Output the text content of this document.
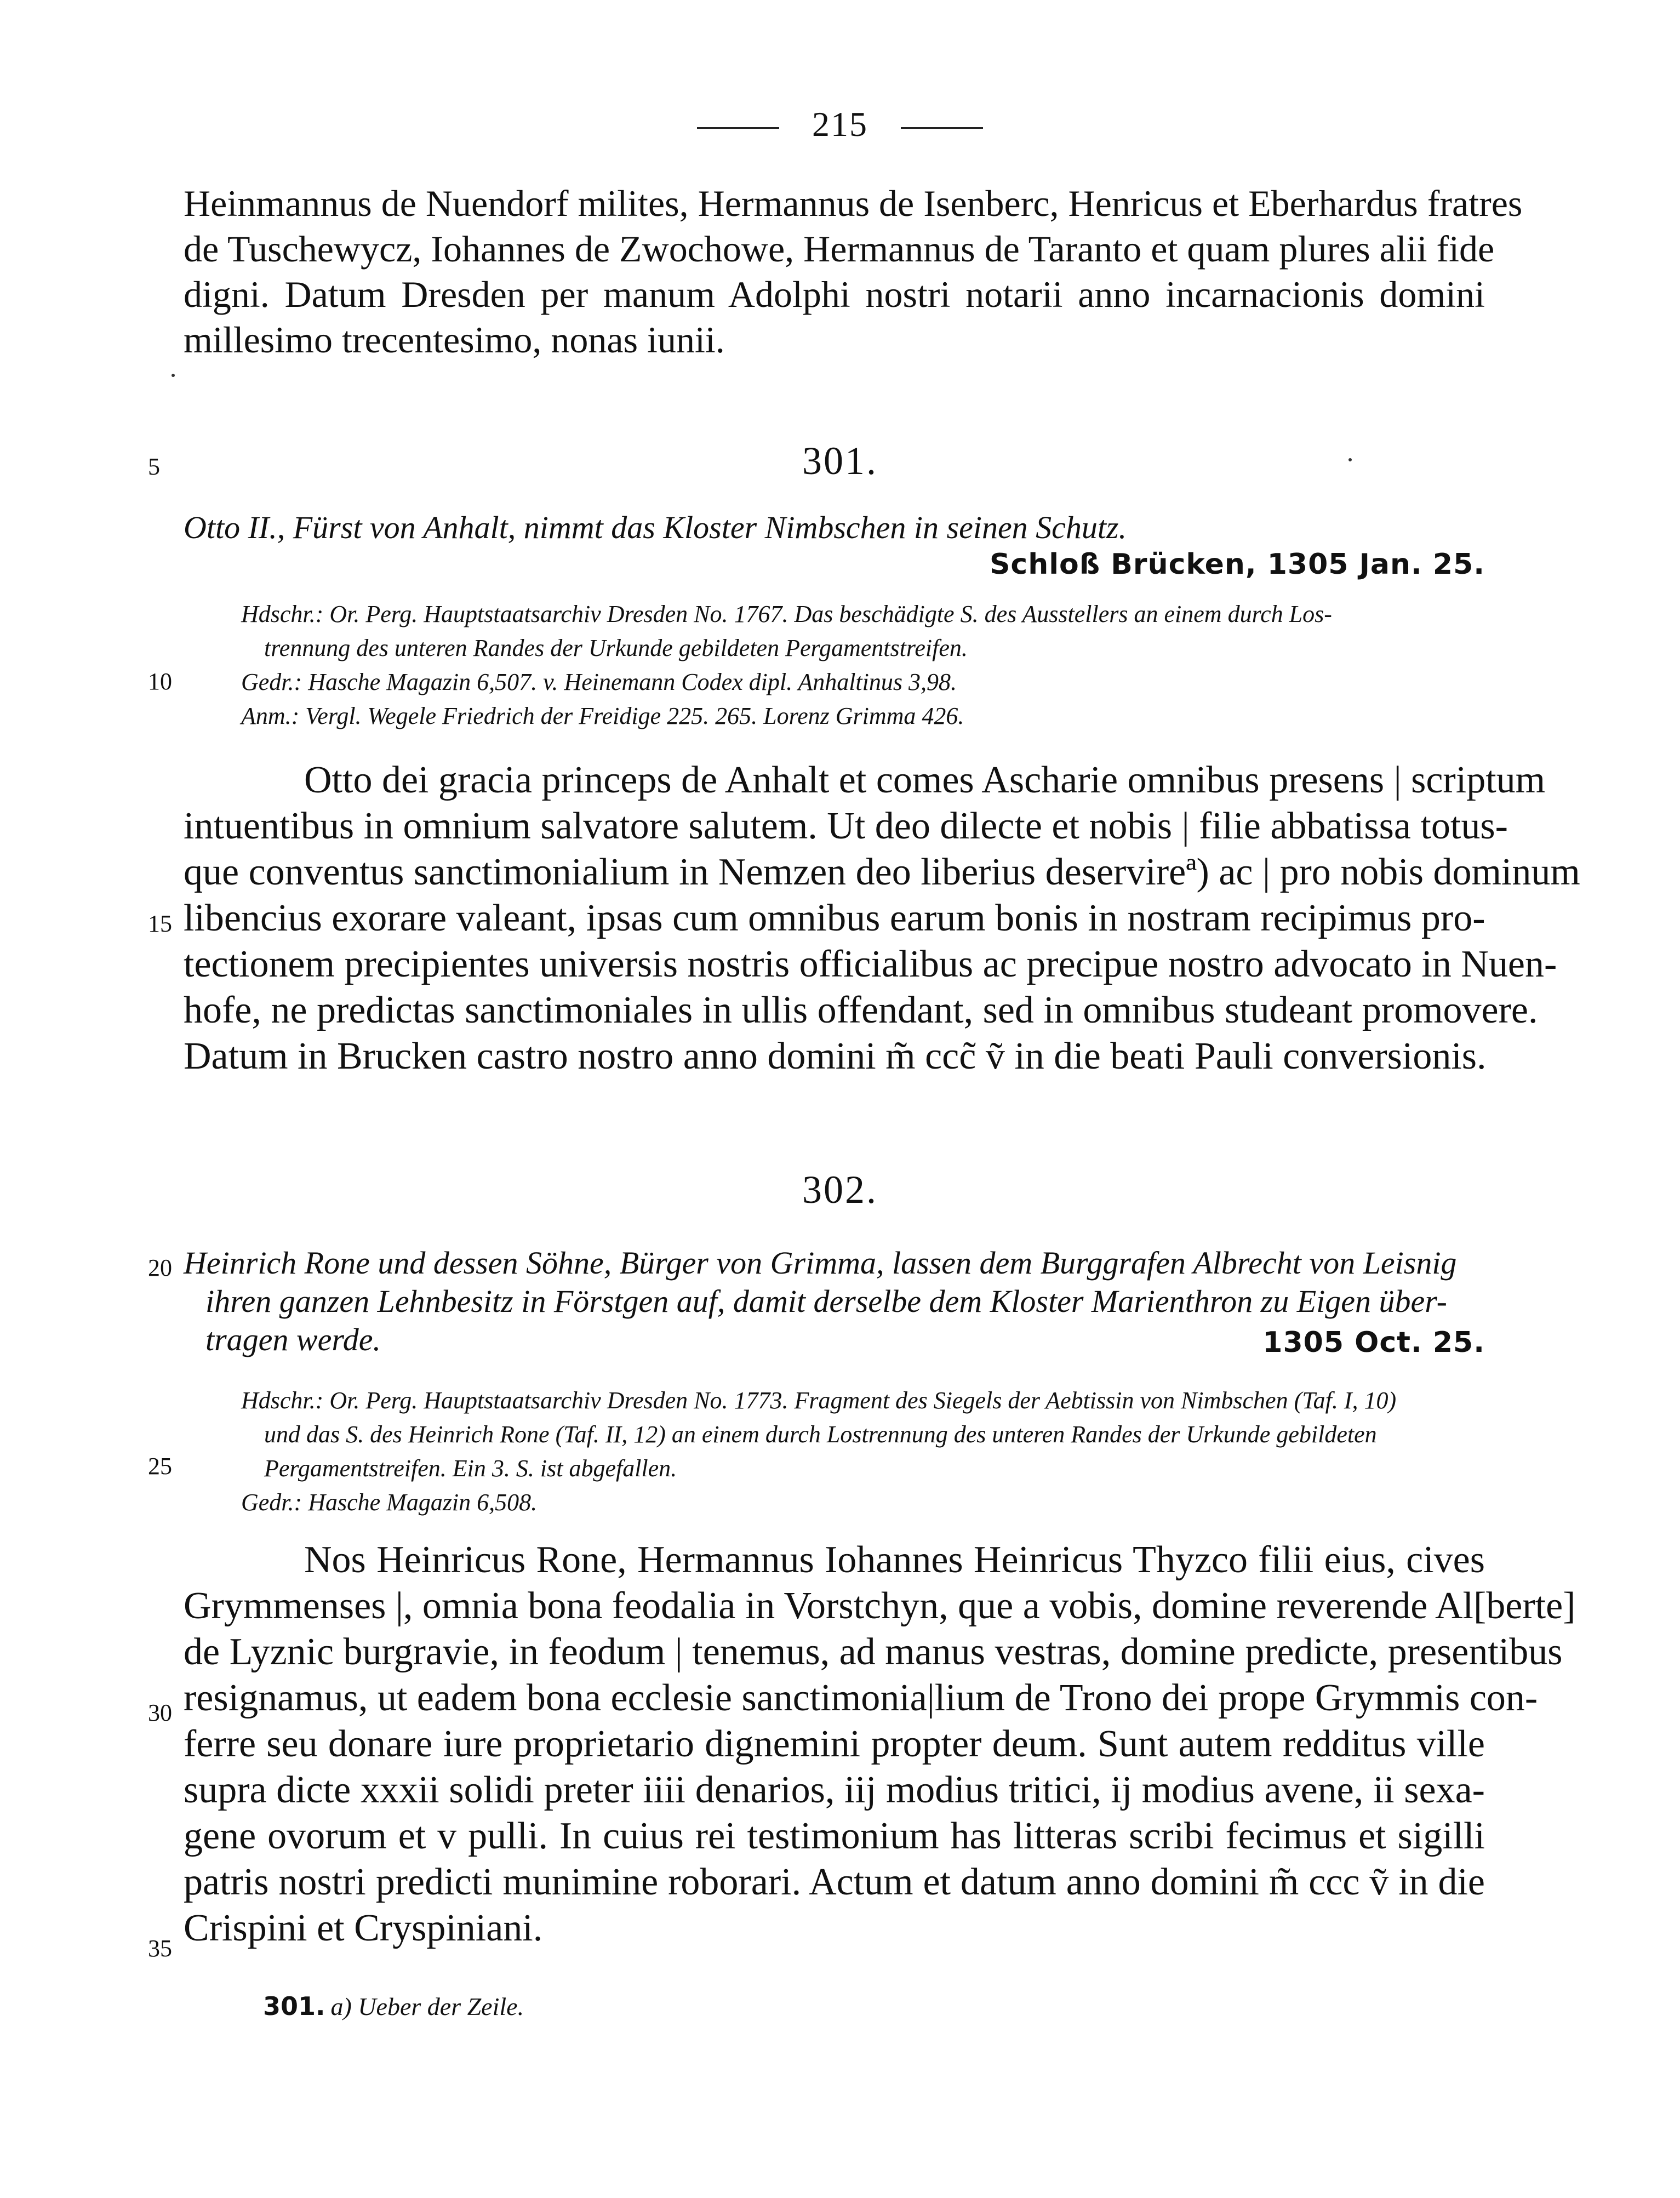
215
Heinmannus de Nuendorf milites, Hermannus de Isenberc, Henricus et Eberhardus fratres
de Tuschewycz, Iohannes de Zwochowe, Hermannus de Taranto et quam plures alii fide
digni. Datum Dresden per manum Adolphi nostri notarii anno incarnacionis domini
millesimo trecentesimo, nonas iunii.
5
10
15
20
25
30
35
301.

Otto II., Fürst von Anhalt, nimmt das Kloster Nimbschen in seinen Schutz.

Schloß Brücken, 1305 Jan. 25.
Hdschr.: Or. Perg. Hauptstaatsarchiv Dresden No. 1767. Das beschädigte S. des Ausstellers an einem durch Los-
trennung des unteren Randes der Urkunde gebildeten Pergamentstreifen.
Gedr.: Hasche Magazin 6,507. v. Heinemann Codex dipl. Anhaltinus 3,98.
Anm.: Vergl. Wegele Friedrich der Freidige 225. 265. Lorenz Grimma 426.
Otto dei gracia princeps de Anhalt et comes Ascharie omnibus presens | scriptum
intuentibus in omnium salvatore salutem. Ut deo dilecte et nobis | filie abbatissa totus-
que conventus sanctimonialium in Nemzen deo liberius deservireª) ac | pro nobis dominum
libencius exorare valeant, ipsas cum omnibus earum bonis in nostram recipimus pro-
tectionem precipientes universis nostris officialibus ac precipue nostro advocato in Nuen-
hofe, ne predictas sanctimoniales in ullis offendant, sed in omnibus studeant promovere.
Datum in Brucken castro nostro anno domini m̃ ccc̃ ṽ in die beati Pauli conversionis.
302.
Heinrich Rone und dessen Söhne, Bürger von Grimma, lassen dem Burggrafen Albrecht von Leisnig
ihren ganzen Lehnbesitz in Förstgen auf, damit derselbe dem Kloster Marienthron zu Eigen über-
tragen werde.	1305 Oct. 25.
Hdschr.: Or. Perg. Hauptstaatsarchiv Dresden No. 1773. Fragment des Siegels der Aebtissin von Nimbschen (Taf. I, 10)
und das S. des Heinrich Rone (Taf. II, 12) an einem durch Lostrennung des unteren Randes der Urkunde gebildeten
Pergamentstreifen. Ein 3. S. ist abgefallen.
Gedr.: Hasche Magazin 6,508.
Nos Heinricus Rone, Hermannus Iohannes Heinricus Thyzco filii eius, cives
Grymmenses |, omnia bona feodalia in Vorstchyn, que a vobis, domine reverende Al[berte]
de Lyznic burgravie, in feodum | tenemus, ad manus vestras, domine predicte, presentibus
resignamus, ut eadem bona ecclesie sanctimonia|lium de Trono dei prope Grymmis con-
ferre seu donare iure proprietario dignemini propter deum. Sunt autem redditus ville
supra dicte xxxii solidi preter iiii denarios, iij modius tritici, ij modius avene, ii sexa-
gene ovorum et v pulli. In cuius rei testimonium has litteras scribi fecimus et sigilli
patris nostri predicti munimine roborari. Actum et datum anno domini m̃ ccc ṽ in die
Crispini et Cryspiniani.
301. a) Ueber der Zeile.
